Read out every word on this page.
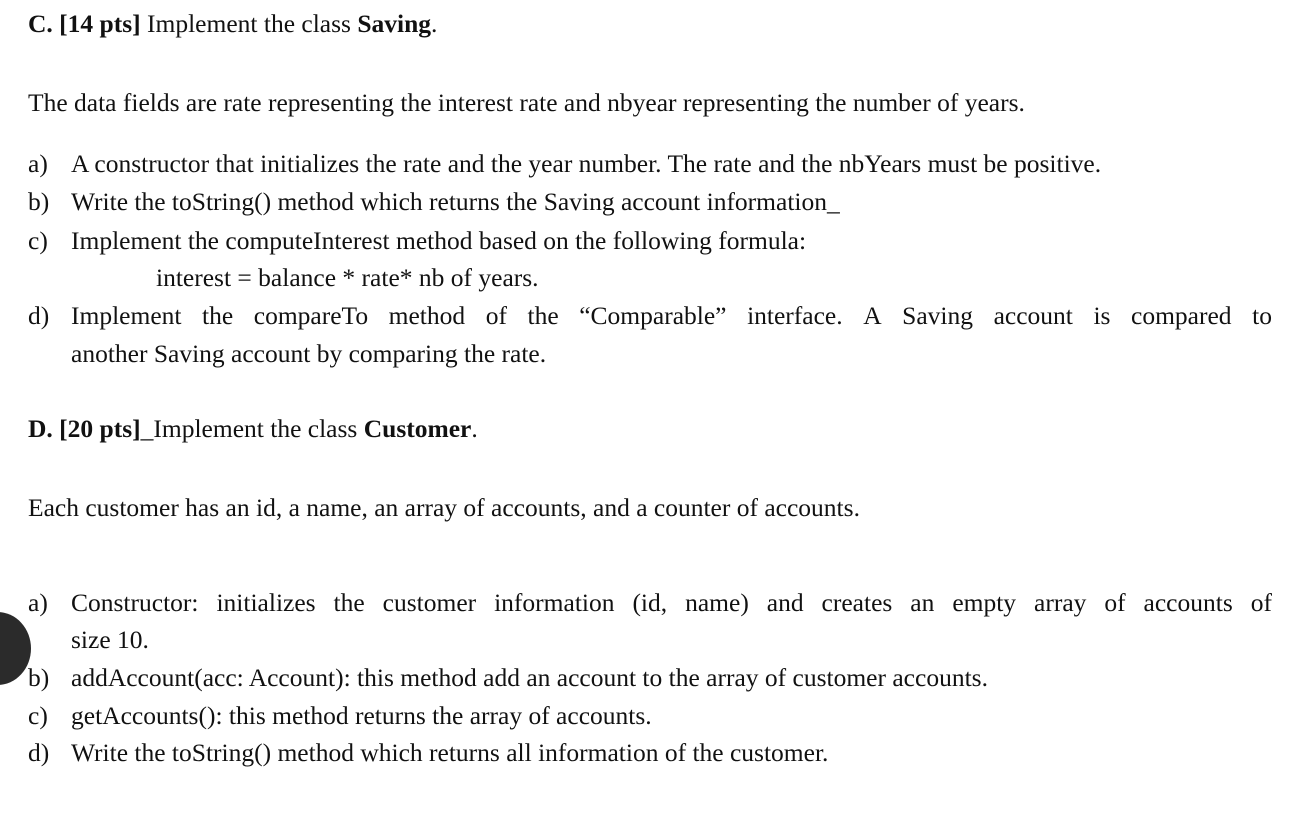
C. [14 pts] Implement the class Saving.
The data fields are rate representing the interest rate and nbyear representing the number of years.
a) A constructor that initializes the rate and the year number. The rate and the nbYears must be positive.
b) Write the toString() method which returns the Saving account information_
c) Implement the computeInterest method based on the following formula:
interest = balance * rate* nb of years.
d) Implement the compareTo method of the “Comparable” interface. A Saving account is compared to
another Saving account by comparing the rate.
D. [20 pts]_Implement the class Customer.
Each customer has an id, a name, an array of accounts, and a counter of accounts.
a) Constructor: initializes the customer information (id, name) and creates an empty array of accounts of
size 10.
b) addAccount(acc: Account): this method add an account to the array of customer accounts.
c) getAccounts(): this method returns the array of accounts.
d) Write the toString() method which returns all information of the customer.
